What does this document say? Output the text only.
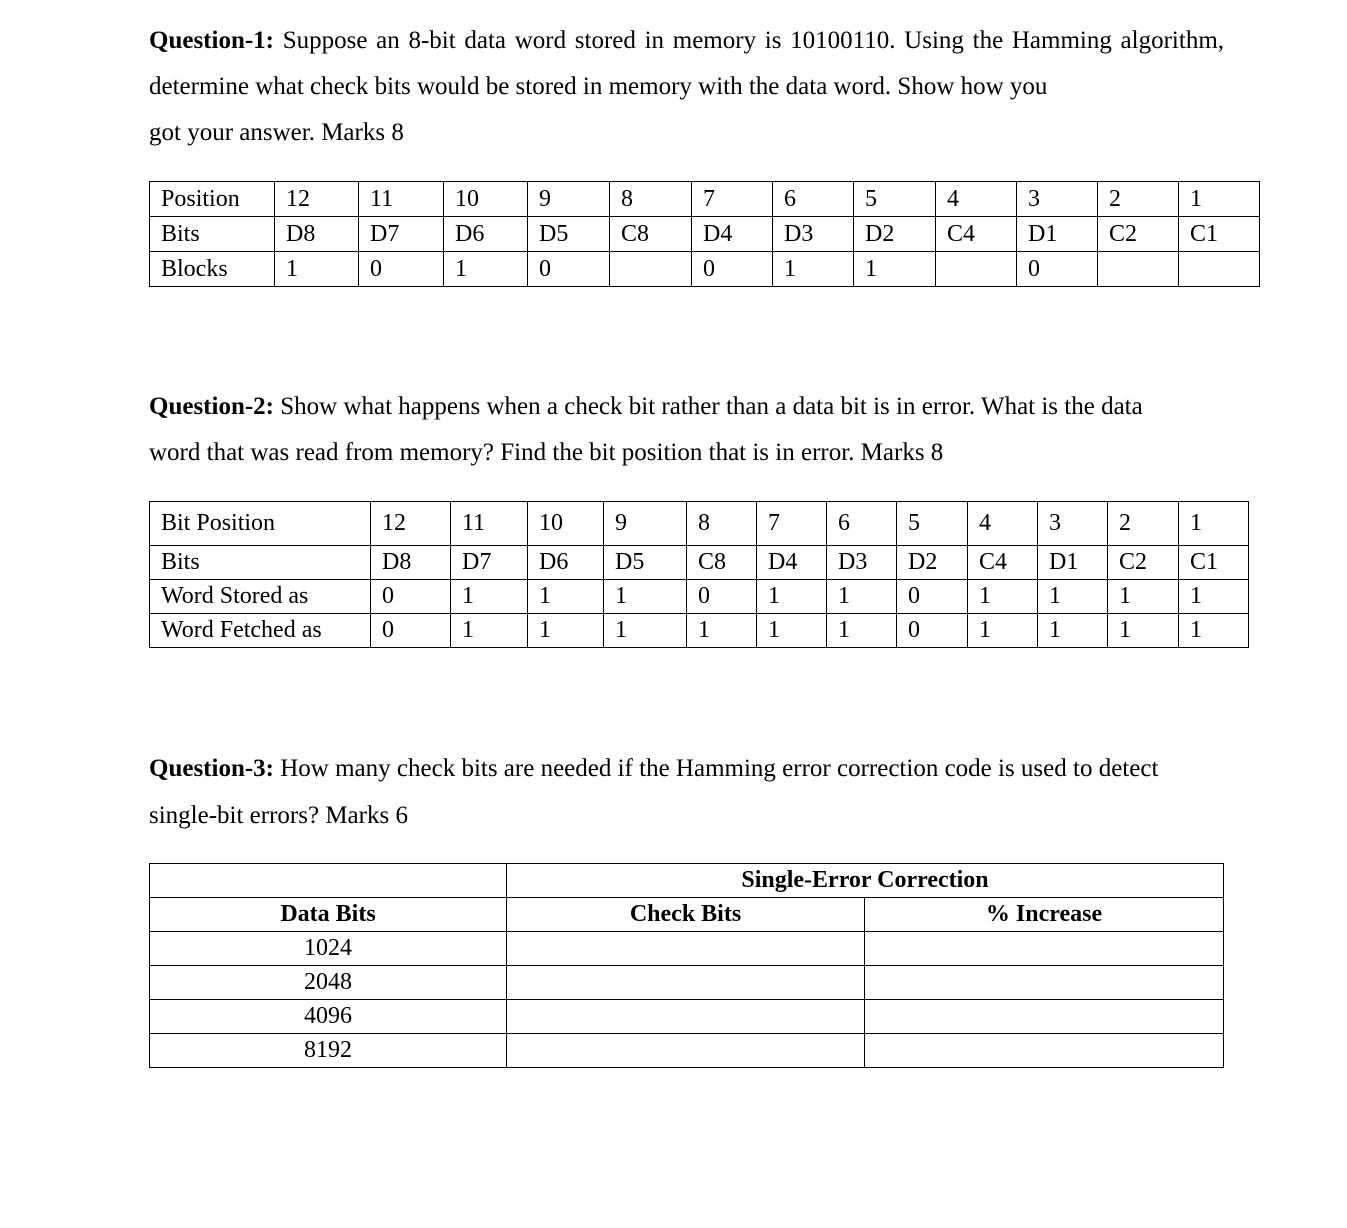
Question-1: Suppose an 8-bit data word stored in memory is 10100110. Using the Hamming algorithm, determine what check bits would be stored in memory with the data word. Show how you

got your answer. Marks 8

Position	12	11	10	9	8	7	6	5	4	3	2	1
Bits	D8	D7	D6	D5	C8	D4	D3	D2	C4	D1	C2	C1
Blocks	1	0	1	0		0	1	1		0		

Question-2: Show what happens when a check bit rather than a data bit is in error. What is the data

word that was read from memory? Find the bit position that is in error. Marks 8

Bit Position	12	11	10	9	8	7	6	5	4	3	2	1
Bits	D8	D7	D6	D5	C8	D4	D3	D2	C4	D1	C2	C1
Word Stored as	0	1	1	1	0	1	1	0	1	1	1	1
Word Fetched as	0	1	1	1	1	1	1	0	1	1	1	1

Question-3: How many check bits are needed if the Hamming error correction code is used to detect

single-bit errors? Marks 6

	Single-Error Correction	
Data Bits	Check Bits	% Increase
1024		
2048		
4096		
8192		
